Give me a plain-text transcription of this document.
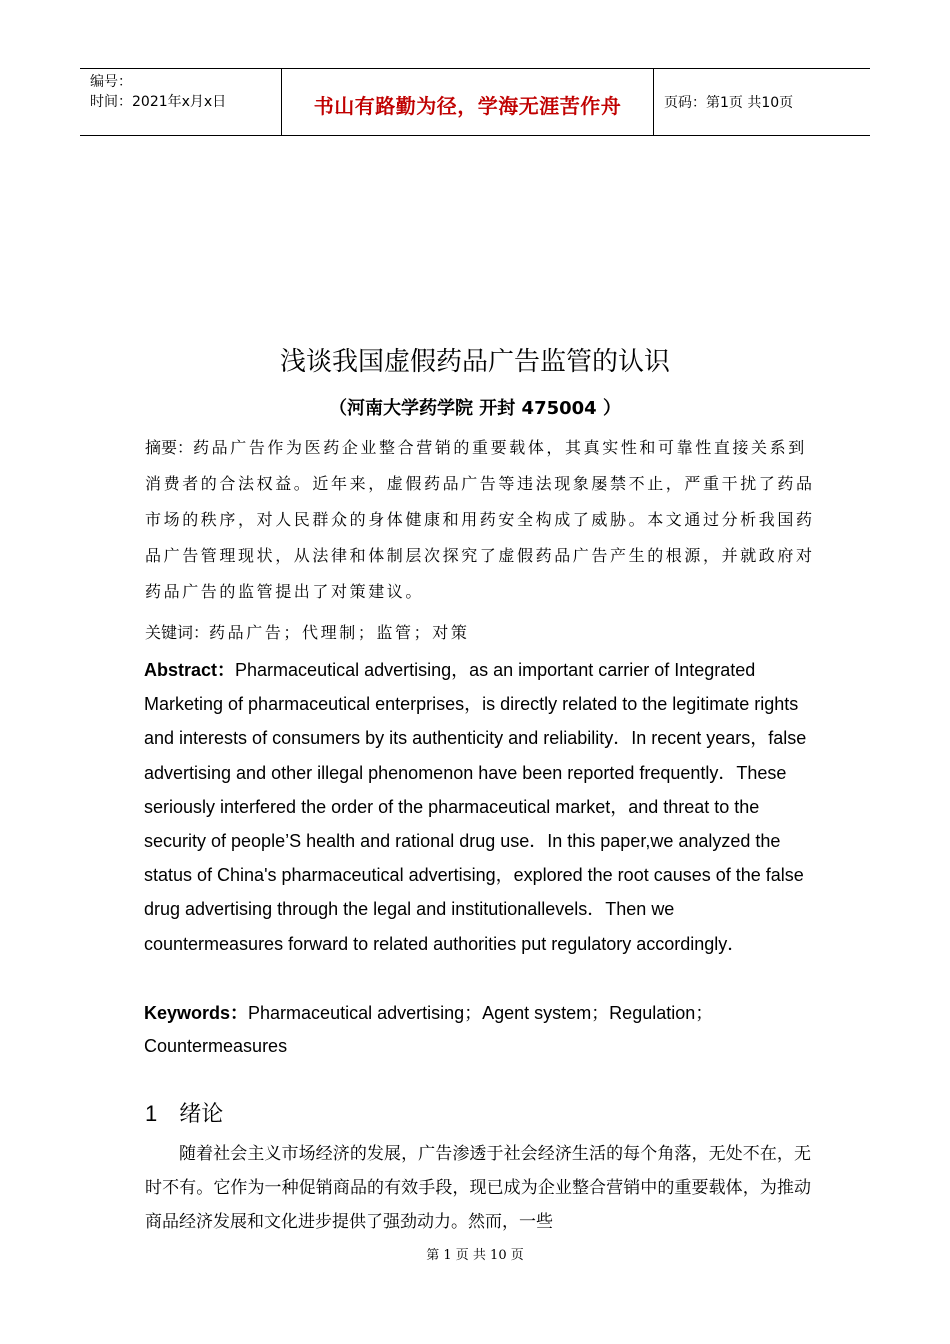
编号：
时间：2021年x月x日	书山有路勤为径，学海无涯苦作舟	页码：第1页 共10页
浅谈我国虚假药品广告监管的认识
（河南大学药学院 开封 475004 ）
摘要：药品广告作为医药企业整合营销的重要载体，其真实性和可靠性直接关系到消费者的合法权益。近年来，虚假药品广告等违法现象屡禁不止，严重干扰了药品市场的秩序，对人民群众的身体健康和用药安全构成了威胁。本文通过分析我国药品广告管理现状，从法律和体制层次探究了虚假药品广告产生的根源，并就政府对药品广告的监管提出了对策建议。
关键词：药品广告；代理制；监管；对策
Abstract：Pharmaceutical advertising，as an important carrier of Integrated Marketing of pharmaceutical enterprises，is directly related to the legitimate rights and interests of consumers by its authenticity and reliability．In recent years，false advertising and other illegal phenomenon have been reported frequently．These seriously interfered the order of the pharmaceutical market，and threat to the security of people’S health and rational drug use．In this paper,we analyzed the status of China's pharmaceutical advertising，explored the root causes of the false drug advertising through the legal and institutionallevels．Then we countermeasures forward to related authorities put regulatory accordingly．
Keywords：Pharmaceutical advertising；Agent system；Regulation；Countermeasures
1 绪论
随着社会主义市场经济的发展，广告渗透于社会经济生活的每个角落，无处不在，无时不有。它作为一种促销商品的有效手段，现已成为企业整合营销中的重要载体，为推动商品经济发展和文化进步提供了强劲动力。然而，一些
第 1 页 共 10 页
